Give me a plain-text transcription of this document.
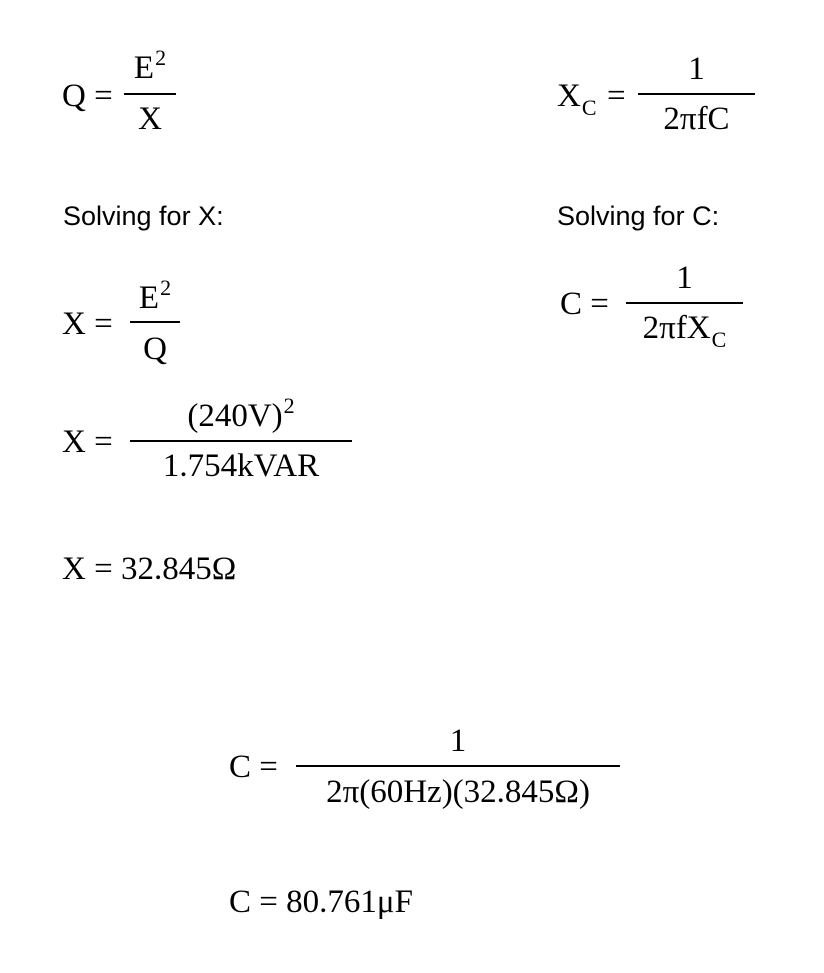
Q =
$E^2$
X
$X_C$ =
1
2πfC
Solving for X:	Solving for C:
X =
$E^2$
Q
C =
1
2πfX$_C$
X =
$(240V)^2$
1.754kVAR
X = 32.845Ω
C =
1
2π(60Hz)(32.845Ω)
C = 80.761μF
